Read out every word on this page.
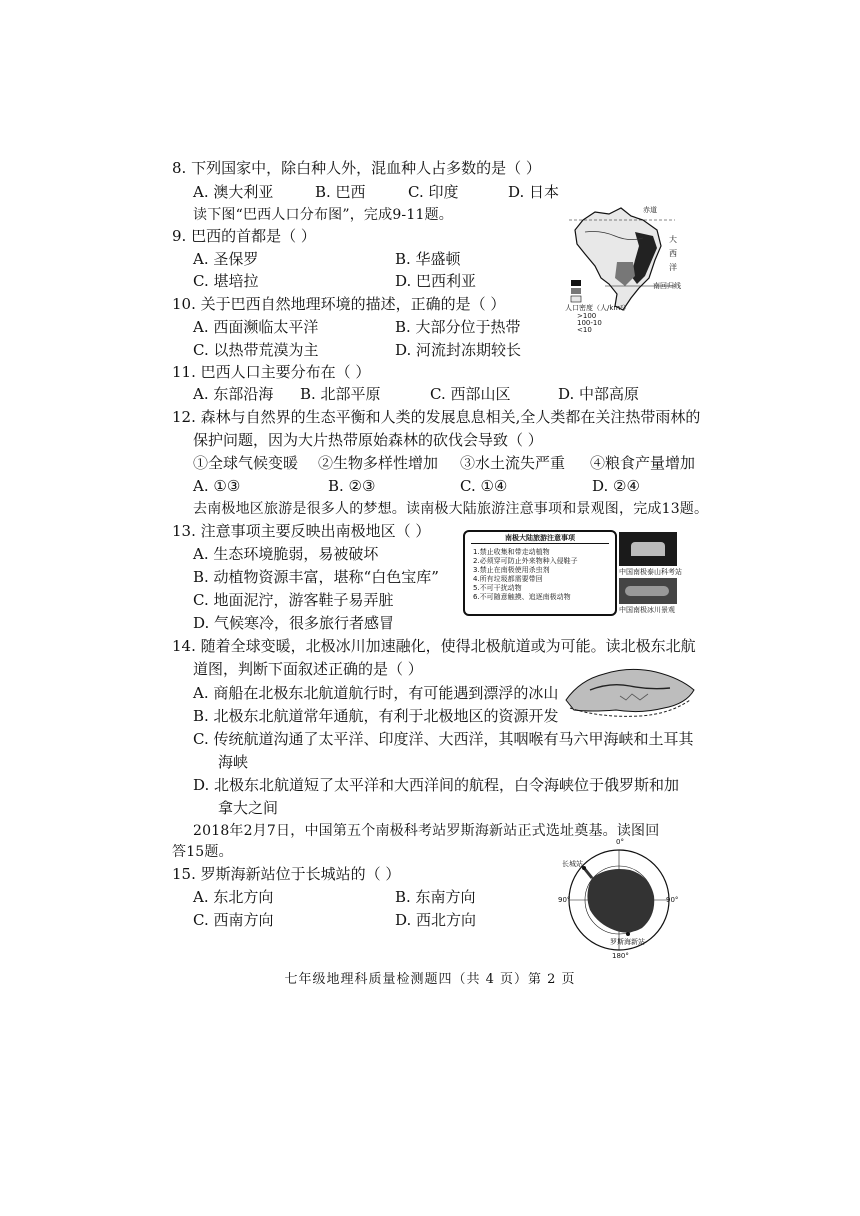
8. 下列国家中，除白种人外，混血种人占多数的是（ ）
A. 澳大利亚	B. 巴西	C. 印度	D. 日本
读下图“巴西人口分布图”，完成9-11题。
9. 巴西的首都是（ ）
A. 圣保罗	B. 华盛顿
C. 堪培拉	D. 巴西利亚
10. 关于巴西自然地理环境的描述，正确的是（ ）
A. 西面濒临太平洋	B. 大部分位于热带
C. 以热带荒漠为主	D. 河流封冻期较长
11. 巴西人口主要分布在（ ）
A. 东部沿海 B. 北部平原	C. 西部山区	D. 中部高原
12. 森林与自然界的生态平衡和人类的发展息息相关,全人类都在关注热带雨林的
保护问题，因为大片热带原始森林的砍伐会导致（ ）
①全球气候变暖 ②生物多样性增加 ③水土流失严重 ④粮食产量增加
A. ①③	B. ②③	C. ①④	D. ②④
去南极地区旅游是很多人的梦想。读南极大陆旅游注意事项和景观图，完成13题。
13. 注意事项主要反映出南极地区（ ）
A. 生态环境脆弱，易被破坏
B. 动植物资源丰富，堪称“白色宝库”
C. 地面泥泞，游客鞋子易弄脏
D. 气候寒冷，很多旅行者感冒
14. 随着全球变暖，北极冰川加速融化，使得北极航道或为可能。读北极东北航
道图，判断下面叙述正确的是（ ）
A. 商船在北极东北航道航行时，有可能遇到漂浮的冰山
B. 北极东北航道常年通航，有利于北极地区的资源开发
C. 传统航道沟通了太平洋、印度洋、大西洋，其咽喉有马六甲海峡和土耳其
海峡
D. 北极东北航道短了太平洋和大西洋间的航程，白令海峡位于俄罗斯和加
拿大之间
2018年2月7日，中国第五个南极科考站罗斯海新站正式选址奠基。读图回
答15题。
15. 罗斯海新站位于长城站的（ ）
A. 东北方向	B. 东南方向
C. 西南方向	D. 西北方向
赤道
大
西
洋
南回归线
人口密度（人/km²）
>100
100-10
<10
南极大陆旅游注意事项
1.禁止收集和带走动植物
2.必须穿可防止外来物种入侵鞋子
3.禁止在南极使用杀虫剂
4.所有垃圾都需要带回
5.不可干扰动物
6.不可随意触摸、追逐南极动物
中国南极泰山科考站
中国南极冰川景观
0°
180°
90°	90°
长城站
罗斯海新站
七年级地理科质量检测题四（共 4 页）第 2 页
